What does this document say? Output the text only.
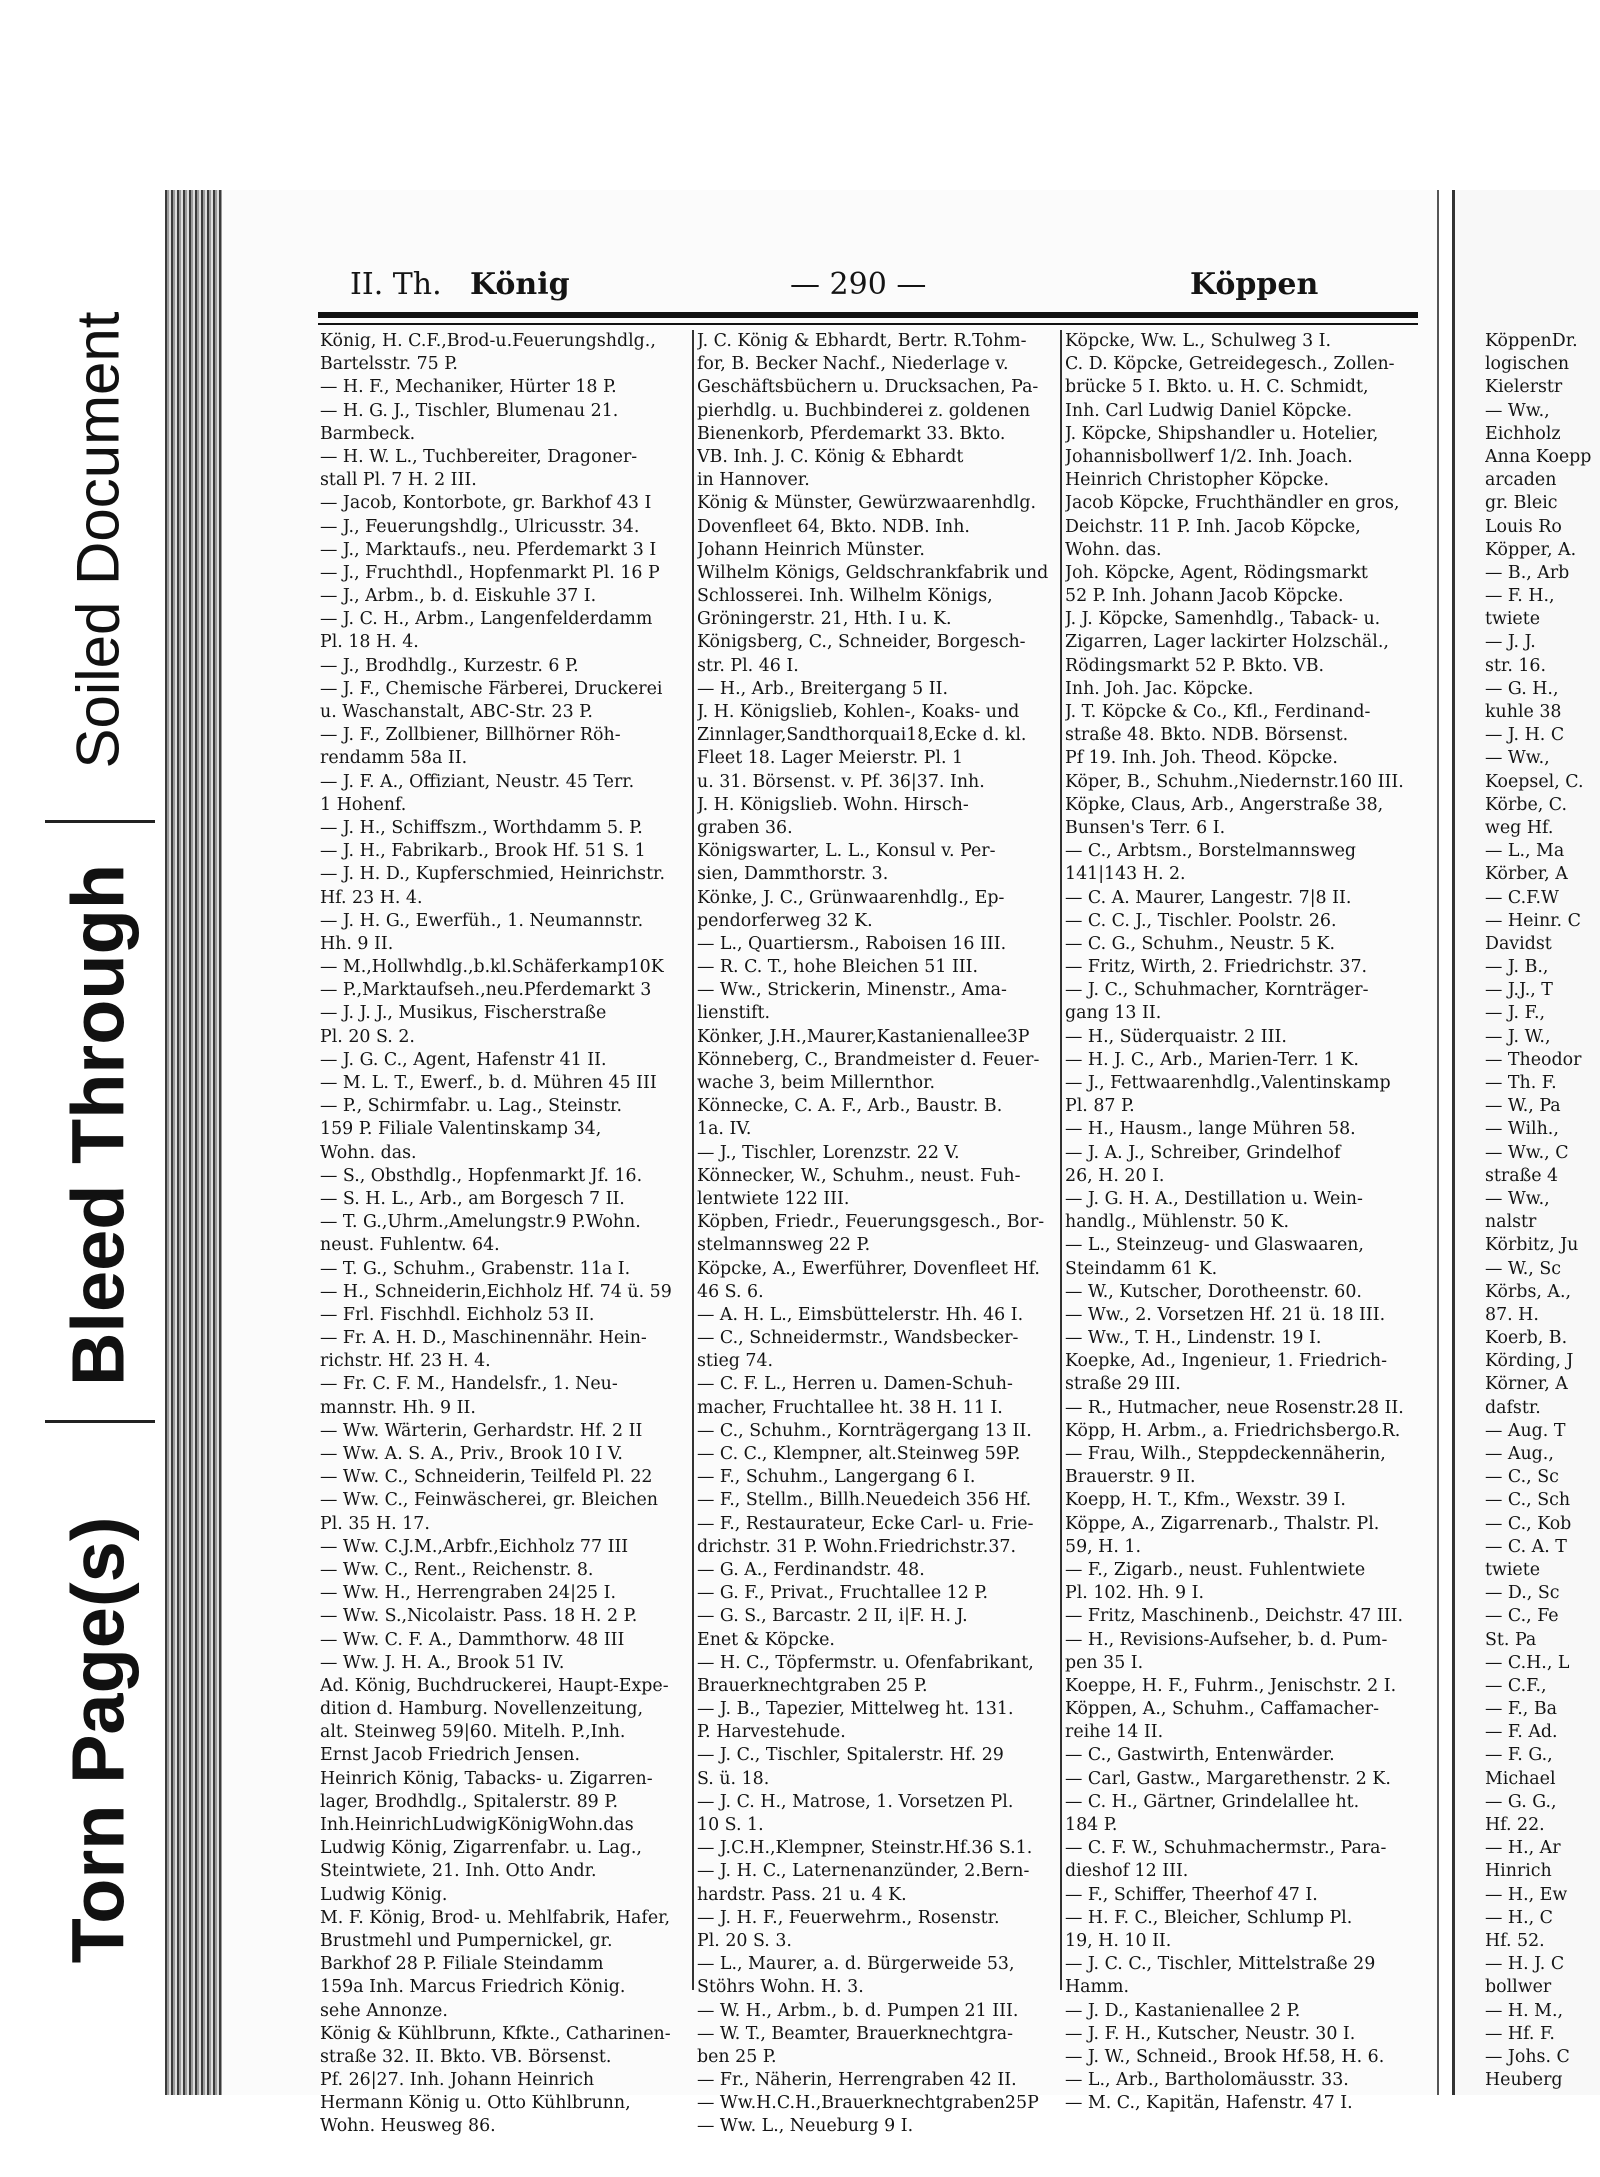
Soiled Document
Bleed Through
Torn Page(s)
II. Th. König	— 290 —	Köppen
König, H. C.F.,Brod-u.Feuerungshdlg.,
Bartelsstr. 75 P.
— H. F., Mechaniker, Hürter 18 P.
— H. G. J., Tischler, Blumenau 21.
Barmbeck.
— H. W. L., Tuchbereiter, Dragoner-
stall Pl. 7 H. 2 III.
— Jacob, Kontorbote, gr. Barkhof 43 I
— J., Feuerungshdlg., Ulricusstr. 34.
— J., Marktaufs., neu. Pferdemarkt 3 I
— J., Fruchthdl., Hopfenmarkt Pl. 16 P
— J., Arbm., b. d. Eiskuhle 37 I.
— J. C. H., Arbm., Langenfelderdamm
Pl. 18 H. 4.
— J., Brodhdlg., Kurzestr. 6 P.
— J. F., Chemische Färberei, Druckerei
u. Waschanstalt, ABC-Str. 23 P.
— J. F., Zollbiener, Billhörner Röh-
rendamm 58a II.
— J. F. A., Offiziant, Neustr. 45 Terr.
1 Hohenf.
— J. H., Schiffszm., Worthdamm 5. P.
— J. H., Fabrikarb., Brook Hf. 51 S. 1
— J. H. D., Kupferschmied, Heinrichstr.
Hf. 23 H. 4.
— J. H. G., Ewerfüh., 1. Neumannstr.
Hh. 9 II.
— M.,Hollwhdlg.,b.kl.Schäferkamp10K
— P.,Marktaufseh.,neu.Pferdemarkt 3
— J. J. J., Musikus, Fischerstraße
Pl. 20 S. 2.
— J. G. C., Agent, Hafenstr 41 II.
— M. L. T., Ewerf., b. d. Mühren 45 III
— P., Schirmfabr. u. Lag., Steinstr.
159 P. Filiale Valentinskamp 34,
Wohn. das.
— S., Obsthdlg., Hopfenmarkt Jf. 16.
— S. H. L., Arb., am Borgesch 7 II.
— T. G.,Uhrm.,Amelungstr.9 P.Wohn.
neust. Fuhlentw. 64.
— T. G., Schuhm., Grabenstr. 11a I.
— H., Schneiderin,Eichholz Hf. 74 ü. 59
— Frl. Fischhdl. Eichholz 53 II.
— Fr. A. H. D., Maschinennähr. Hein-
richstr. Hf. 23 H. 4.
— Fr. C. F. M., Handelsfr., 1. Neu-
mannstr. Hh. 9 II.
— Ww. Wärterin, Gerhardstr. Hf. 2 II
— Ww. A. S. A., Priv., Brook 10 I V.
— Ww. C., Schneiderin, Teilfeld Pl. 22
— Ww. C., Feinwäscherei, gr. Bleichen
Pl. 35 H. 17.
— Ww. C.J.M.,Arbfr.,Eichholz 77 III
— Ww. C., Rent., Reichenstr. 8.
— Ww. H., Herrengraben 24|25 I.
— Ww. S.,Nicolaistr. Pass. 18 H. 2 P.
— Ww. C. F. A., Dammthorw. 48 III
— Ww. J. H. A., Brook 51 IV.
Ad. König, Buchdruckerei, Haupt-Expe-
dition d. Hamburg. Novellenzeitung,
alt. Steinweg 59|60. Mitelh. P.,Inh.
Ernst Jacob Friedrich Jensen.
Heinrich König, Tabacks- u. Zigarren-
lager, Brodhdlg., Spitalerstr. 89 P.
Inh.HeinrichLudwigKönigWohn.das
Ludwig König, Zigarrenfabr. u. Lag.,
Steintwiete, 21. Inh. Otto Andr.
Ludwig König.
M. F. König, Brod- u. Mehlfabrik, Hafer,
Brustmehl und Pumpernickel, gr.
Barkhof 28 P. Filiale Steindamm
159a Inh. Marcus Friedrich König.
sehe Annonze.
König & Kühlbrunn, Kfkte., Catharinen-
straße 32. II. Bkto. VB. Börsenst.
Pf. 26|27. Inh. Johann Heinrich
Hermann König u. Otto Kühlbrunn,
Wohn. Heusweg 86.
J. C. König & Ebhardt, Bertr. R.Tohm-
for, B. Becker Nachf., Niederlage v.
Geschäftsbüchern u. Drucksachen, Pa-
pierhdlg. u. Buchbinderei z. goldenen
Bienenkorb, Pferdemarkt 33. Bkto.
VB. Inh. J. C. König & Ebhardt
in Hannover.
König & Münster, Gewürzwaarenhdlg.
Dovenfleet 64, Bkto. NDB. Inh.
Johann Heinrich Münster.
Wilhelm Königs, Geldschrankfabrik und
Schlosserei. Inh. Wilhelm Königs,
Gröningerstr. 21, Hth. I u. K.
Königsberg, C., Schneider, Borgesch-
str. Pl. 46 I.
— H., Arb., Breitergang 5 II.
J. H. Königslieb, Kohlen-, Koaks- und
Zinnlager,Sandthorquai18,Ecke d. kl.
Fleet 18. Lager Meierstr. Pl. 1
u. 31. Börsenst. v. Pf. 36|37. Inh.
J. H. Königslieb. Wohn. Hirsch-
graben 36.
Königswarter, L. L., Konsul v. Per-
sien, Dammthorstr. 3.
Könke, J. C., Grünwaarenhdlg., Ep-
pendorferweg 32 K.
— L., Quartiersm., Raboisen 16 III.
— R. C. T., hohe Bleichen 51 III.
— Ww., Strickerin, Minenstr., Ama-
lienstift.
Könker, J.H.,Maurer,Kastanienallee3P
Könneberg, C., Brandmeister d. Feuer-
wache 3, beim Millernthor.
Könnecke, C. A. F., Arb., Baustr. B.
1a. IV.
— J., Tischler, Lorenzstr. 22 V.
Könnecker, W., Schuhm., neust. Fuh-
lentwiete 122 III.
Köpben, Friedr., Feuerungsgesch., Bor-
stelmannsweg 22 P.
Köpcke, A., Ewerführer, Dovenfleet Hf.
46 S. 6.
— A. H. L., Eimsbüttelerstr. Hh. 46 I.
— C., Schneidermstr., Wandsbecker-
stieg 74.
— C. F. L., Herren u. Damen-Schuh-
macher, Fruchtallee ht. 38 H. 11 I.
— C., Schuhm., Kornträgergang 13 II.
— C. C., Klempner, alt.Steinweg 59P.
— F., Schuhm., Langergang 6 I.
— F., Stellm., Billh.Neuedeich 356 Hf.
— F., Restaurateur, Ecke Carl- u. Frie-
drichstr. 31 P. Wohn.Friedrichstr.37.
— G. A., Ferdinandstr. 48.
— G. F., Privat., Fruchtallee 12 P.
— G. S., Barcastr. 2 II, i|F. H. J.
Enet & Köpcke.
— H. C., Töpfermstr. u. Ofenfabrikant,
Brauerknechtgraben 25 P.
— J. B., Tapezier, Mittelweg ht. 131.
P. Harvestehude.
— J. C., Tischler, Spitalerstr. Hf. 29
S. ü. 18.
— J. C. H., Matrose, 1. Vorsetzen Pl.
10 S. 1.
— J.C.H.,Klempner, Steinstr.Hf.36 S.1.
— J. H. C., Laternenanzünder, 2.Bern-
hardstr. Pass. 21 u. 4 K.
— J. H. F., Feuerwehrm., Rosenstr.
Pl. 20 S. 3.
— L., Maurer, a. d. Bürgerweide 53,
Stöhrs Wohn. H. 3.
— W. H., Arbm., b. d. Pumpen 21 III.
— W. T., Beamter, Brauerknechtgra-
ben 25 P.
— Fr., Näherin, Herrengraben 42 II.
— Ww.H.C.H.,Brauerknechtgraben25P
— Ww. L., Neueburg 9 I.
Köpcke, Ww. L., Schulweg 3 I.
C. D. Köpcke, Getreidegesch., Zollen-
brücke 5 I. Bkto. u. H. C. Schmidt,
Inh. Carl Ludwig Daniel Köpcke.
J. Köpcke, Shipshandler u. Hotelier,
Johannisbollwerf 1/2. Inh. Joach.
Heinrich Christopher Köpcke.
Jacob Köpcke, Fruchthändler en gros,
Deichstr. 11 P. Inh. Jacob Köpcke,
Wohn. das.
Joh. Köpcke, Agent, Rödingsmarkt
52 P. Inh. Johann Jacob Köpcke.
J. J. Köpcke, Samenhdlg., Taback- u.
Zigarren, Lager lackirter Holzschäl.,
Rödingsmarkt 52 P. Bkto. VB.
Inh. Joh. Jac. Köpcke.
J. T. Köpcke & Co., Kfl., Ferdinand-
straße 48. Bkto. NDB. Börsenst.
Pf 19. Inh. Joh. Theod. Köpcke.
Köper, B., Schuhm.,Niedernstr.160 III.
Köpke, Claus, Arb., Angerstraße 38,
Bunsen's Terr. 6 I.
— C., Arbtsm., Borstelmannsweg
141|143 H. 2.
— C. A. Maurer, Langestr. 7|8 II.
— C. C. J., Tischler. Poolstr. 26.
— C. G., Schuhm., Neustr. 5 K.
— Fritz, Wirth, 2. Friedrichstr. 37.
— J. C., Schuhmacher, Kornträger-
gang 13 II.
— H., Süderquaistr. 2 III.
— H. J. C., Arb., Marien-Terr. 1 K.
— J., Fettwaarenhdlg.,Valentinskamp
Pl. 87 P.
— H., Hausm., lange Mühren 58.
— J. A. J., Schreiber, Grindelhof
26, H. 20 I.
— J. G. H. A., Destillation u. Wein-
handlg., Mühlenstr. 50 K.
— L., Steinzeug- und Glaswaaren,
Steindamm 61 K.
— W., Kutscher, Dorotheenstr. 60.
— Ww., 2. Vorsetzen Hf. 21 ü. 18 III.
— Ww., T. H., Lindenstr. 19 I.
Koepke, Ad., Ingenieur, 1. Friedrich-
straße 29 III.
— R., Hutmacher, neue Rosenstr.28 II.
Köpp, H. Arbm., a. Friedrichsbergo.R.
— Frau, Wilh., Steppdeckennäherin,
Brauerstr. 9 II.
Koepp, H. T., Kfm., Wexstr. 39 I.
Köppe, A., Zigarrenarb., Thalstr. Pl.
59, H. 1.
— F., Zigarb., neust. Fuhlentwiete
Pl. 102. Hh. 9 I.
— Fritz, Maschinenb., Deichstr. 47 III.
— H., Revisions-Aufseher, b. d. Pum-
pen 35 I.
Koeppe, H. F., Fuhrm., Jenischstr. 2 I.
Köppen, A., Schuhm., Caffamacher-
reihe 14 II.
— C., Gastwirth, Entenwärder.
— Carl, Gastw., Margarethenstr. 2 K.
— C. H., Gärtner, Grindelallee ht.
184 P.
— C. F. W., Schuhmachermstr., Para-
dieshof 12 III.
— F., Schiffer, Theerhof 47 I.
— H. F. C., Bleicher, Schlump Pl.
19, H. 10 II.
— J. C. C., Tischler, Mittelstraße 29
Hamm.
— J. D., Kastanienallee 2 P.
— J. F. H., Kutscher, Neustr. 30 I.
— J. W., Schneid., Brook Hf.58, H. 6.
— L., Arb., Bartholomäusstr. 33.
— M. C., Kapitän, Hafenstr. 47 I.
KöppenDr.
logischen
Kielerstr
— Ww.,
Eichholz
Anna Koepp
arcaden
gr. Bleic
Louis Ro
Köpper, A.
— B., Arb
— F. H.,
twiete
— J. J.
str. 16.
— G. H.,
kuhle 38
— J. H. C
— Ww.,
Koepsel, C.
Körbe, C.
weg Hf.
— L., Ma
Körber, A
— C.F.W
— Heinr. C
Davidst
— J. B.,
— J.J., T
— J. F.,
— J. W.,
— Theodor
— Th. F.
— W., Pa
— Wilh.,
— Ww., C
straße 4
— Ww.,
nalstr
Körbitz, Ju
— W., Sc
Körbs, A.,
87. H.
Koerb, B.
Körding, J
Körner, A
dafstr.
— Aug. T
— Aug.,
— C., Sc
— C., Sch
— C., Kob
— C. A. T
twiete
— D., Sc
— C., Fe
St. Pa
— C.H., L
— C.F.,
— F., Ba
— F. Ad.
— F. G.,
Michael
— G. G.,
Hf. 22.
— H., Ar
Hinrich
— H., Ew
— H., C
Hf. 52.
— H. J. C
bollwer
— H. M.,
— Hf. F.
— Johs. C
Heuberg
